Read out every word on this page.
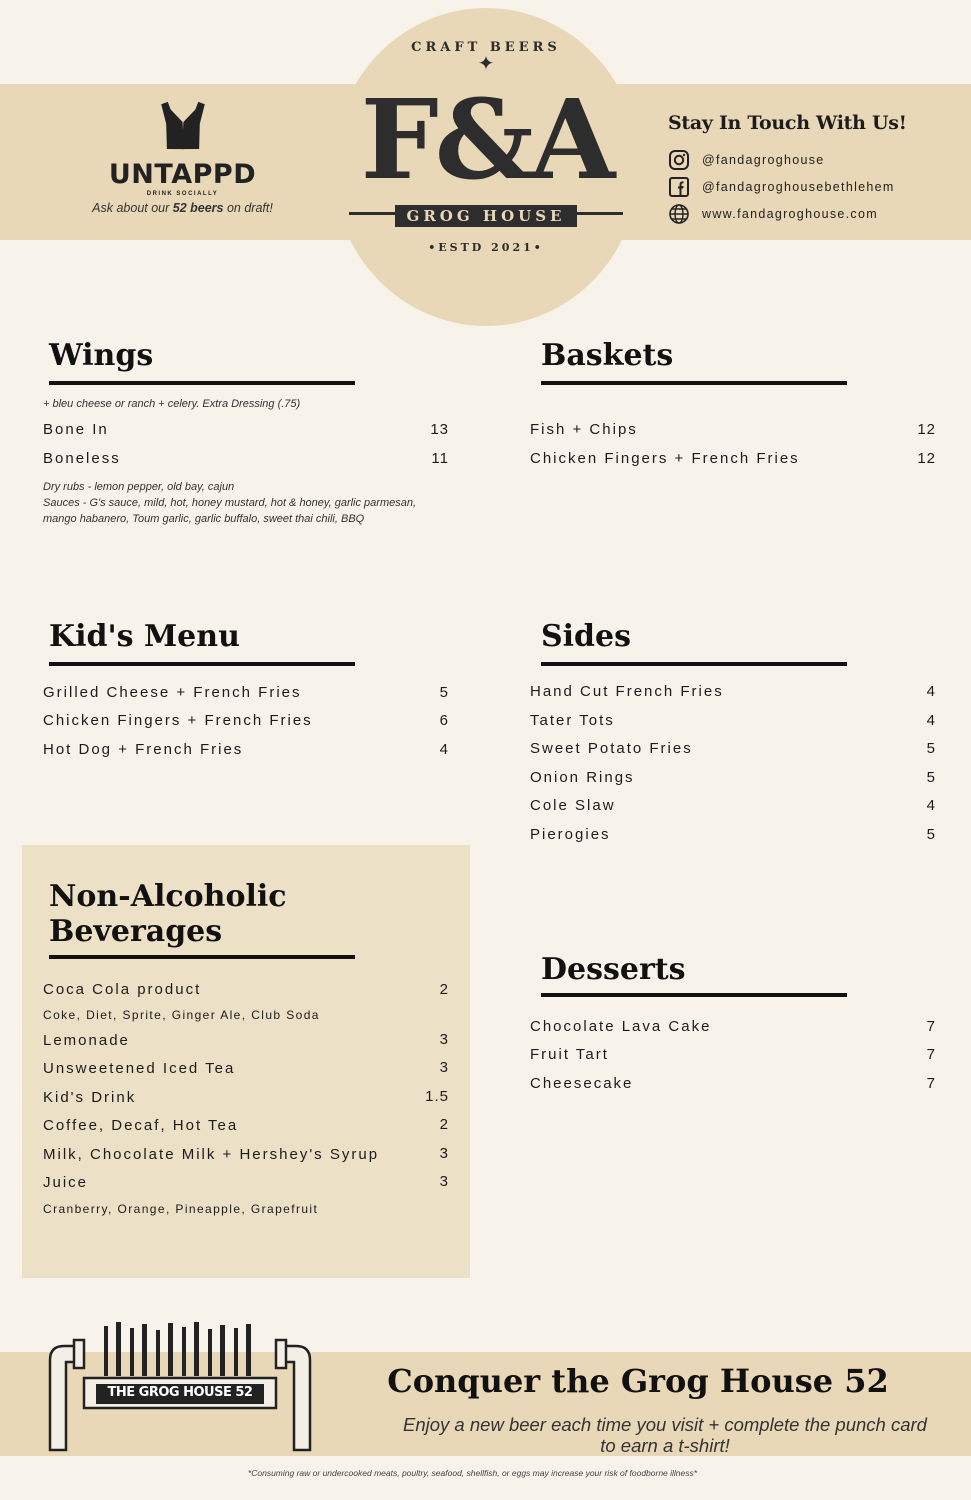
UNTAPPD
DRINK SOCIALLY
Ask about our 52 beers on draft!
CRAFT BEERS
✦
F&A
GROG HOUSE
•ESTD 2021•
Stay In Touch With Us!
@fandagroghouse
@fandagroghousebethlehem
www.fandagroghouse.com
Wings
+ bleu cheese or ranch + celery. Extra Dressing (.75)
Bone In	13
Boneless	11
Dry rubs - lemon pepper, old bay, cajun
Sauces - G's sauce, mild, hot, honey mustard, hot & honey, garlic parmesan,
mango habanero, Toum garlic, garlic buffalo, sweet thai chili, BBQ
Baskets
Fish + Chips	12
Chicken Fingers + French Fries	12
Kid's Menu
Grilled Cheese + French Fries	5
Chicken Fingers + French Fries	6
Hot Dog + French Fries	4
Sides
Hand Cut French Fries	4
Tater Tots	4
Sweet Potato Fries	5
Onion Rings	5
Cole Slaw	4
Pierogies	5
Non-Alcoholic
Beverages
Coca Cola product	2
Coke, Diet, Sprite, Ginger Ale, Club Soda
Lemonade	3
Unsweetened Iced Tea	3
Kid's Drink	1.5
Coffee, Decaf, Hot Tea	2
Milk, Chocolate Milk + Hershey's Syrup	3
Juice	3
Cranberry, Orange, Pineapple, Grapefruit
Desserts
Chocolate Lava Cake	7
Fruit Tart	7
Cheesecake	7
THE GROG HOUSE 52	Conquer the Grog House 52
Enjoy a new beer each time you visit + complete the punch card
to earn a t-shirt!
*Consuming raw or undercooked meats, poultry, seafood, shellfish, or eggs may increase your risk of foodborne illness*
